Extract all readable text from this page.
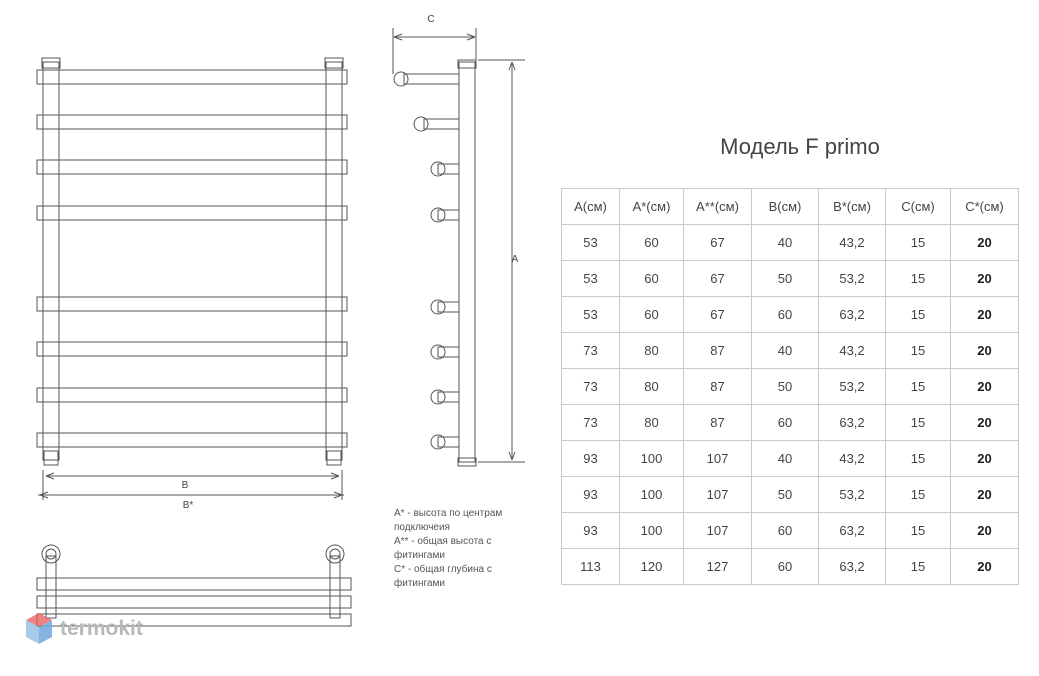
B
B*
C
A
Модель F primo
A(см)	A*(см)	A**(см)	B(см)	B*(см)	C(см)	C*(см)
53	60	67	40	43,2	15	20
53	60	67	50	53,2	15	20
53	60	67	60	63,2	15	20
73	80	87	40	43,2	15	20
73	80	87	50	53,2	15	20
73	80	87	60	63,2	15	20
93	100	107	40	43,2	15	20
93	100	107	50	53,2	15	20
93	100	107	60	63,2	15	20
113	120	127	60	63,2	15	20
A* - высота по центрам подключеия
A** - общая высота с фитингами
C* - общая глубина с фитингами
termokit
